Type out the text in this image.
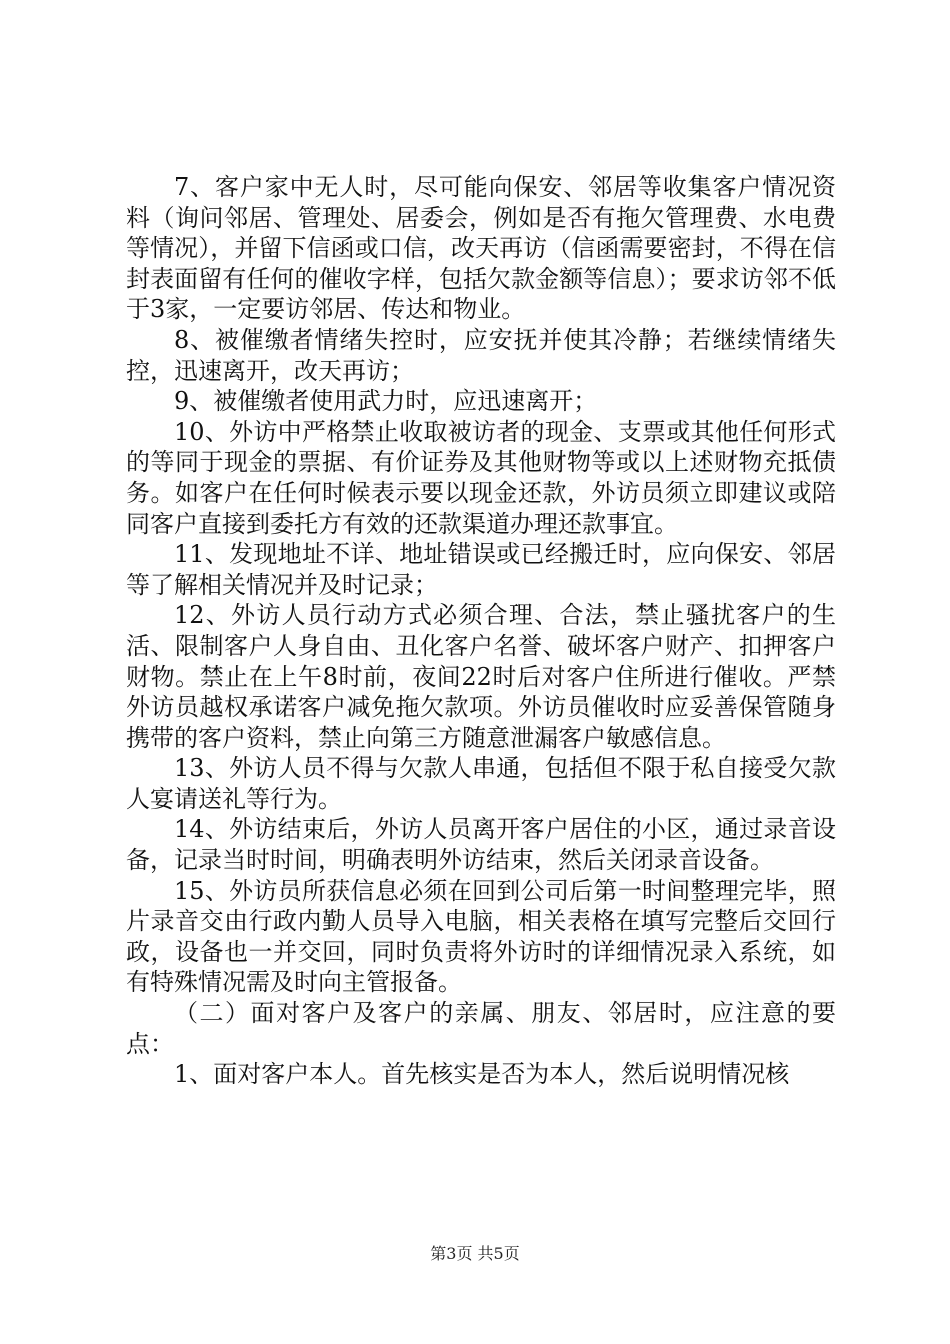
7、客户家中无人时，尽可能向保安、邻居等收集客户情况资料（询问邻居、管理处、居委会，例如是否有拖欠管理费、水电费等情况），并留下信函或口信，改天再访（信函需要密封，不得在信封表面留有任何的催收字样，包括欠款金额等信息）；要求访邻不低于3家，一定要访邻居、传达和物业。

8、被催缴者情绪失控时，应安抚并使其冷静；若继续情绪失控，迅速离开，改天再访；

9、被催缴者使用武力时，应迅速离开；

10、外访中严格禁止收取被访者的现金、支票或其他任何形式的等同于现金的票据、有价证券及其他财物等或以上述财物充抵债务。如客户在任何时候表示要以现金还款，外访员须立即建议或陪同客户直接到委托方有效的还款渠道办理还款事宜。

11、发现地址不详、地址错误或已经搬迁时，应向保安、邻居等了解相关情况并及时记录；

12、外访人员行动方式必须合理、合法，禁止骚扰客户的生活、限制客户人身自由、丑化客户名誉、破坏客户财产、扣押客户财物。禁止在上午8时前，夜间22时后对客户住所进行催收。严禁外访员越权承诺客户减免拖欠款项。外访员催收时应妥善保管随身携带的客户资料，禁止向第三方随意泄漏客户敏感信息。

13、外访人员不得与欠款人串通，包括但不限于私自接受欠款人宴请送礼等行为。

14、外访结束后，外访人员离开客户居住的小区，通过录音设备，记录当时时间，明确表明外访结束，然后关闭录音设备。

15、外访员所获信息必须在回到公司后第一时间整理完毕，照片录音交由行政内勤人员导入电脑，相关表格在填写完整后交回行政，设备也一并交回，同时负责将外访时的详细情况录入系统，如有特殊情况需及时向主管报备。

（二）面对客户及客户的亲属、朋友、邻居时，应注意的要点：

1、面对客户本人。首先核实是否为本人，然后说明情况核

第3页 共5页
